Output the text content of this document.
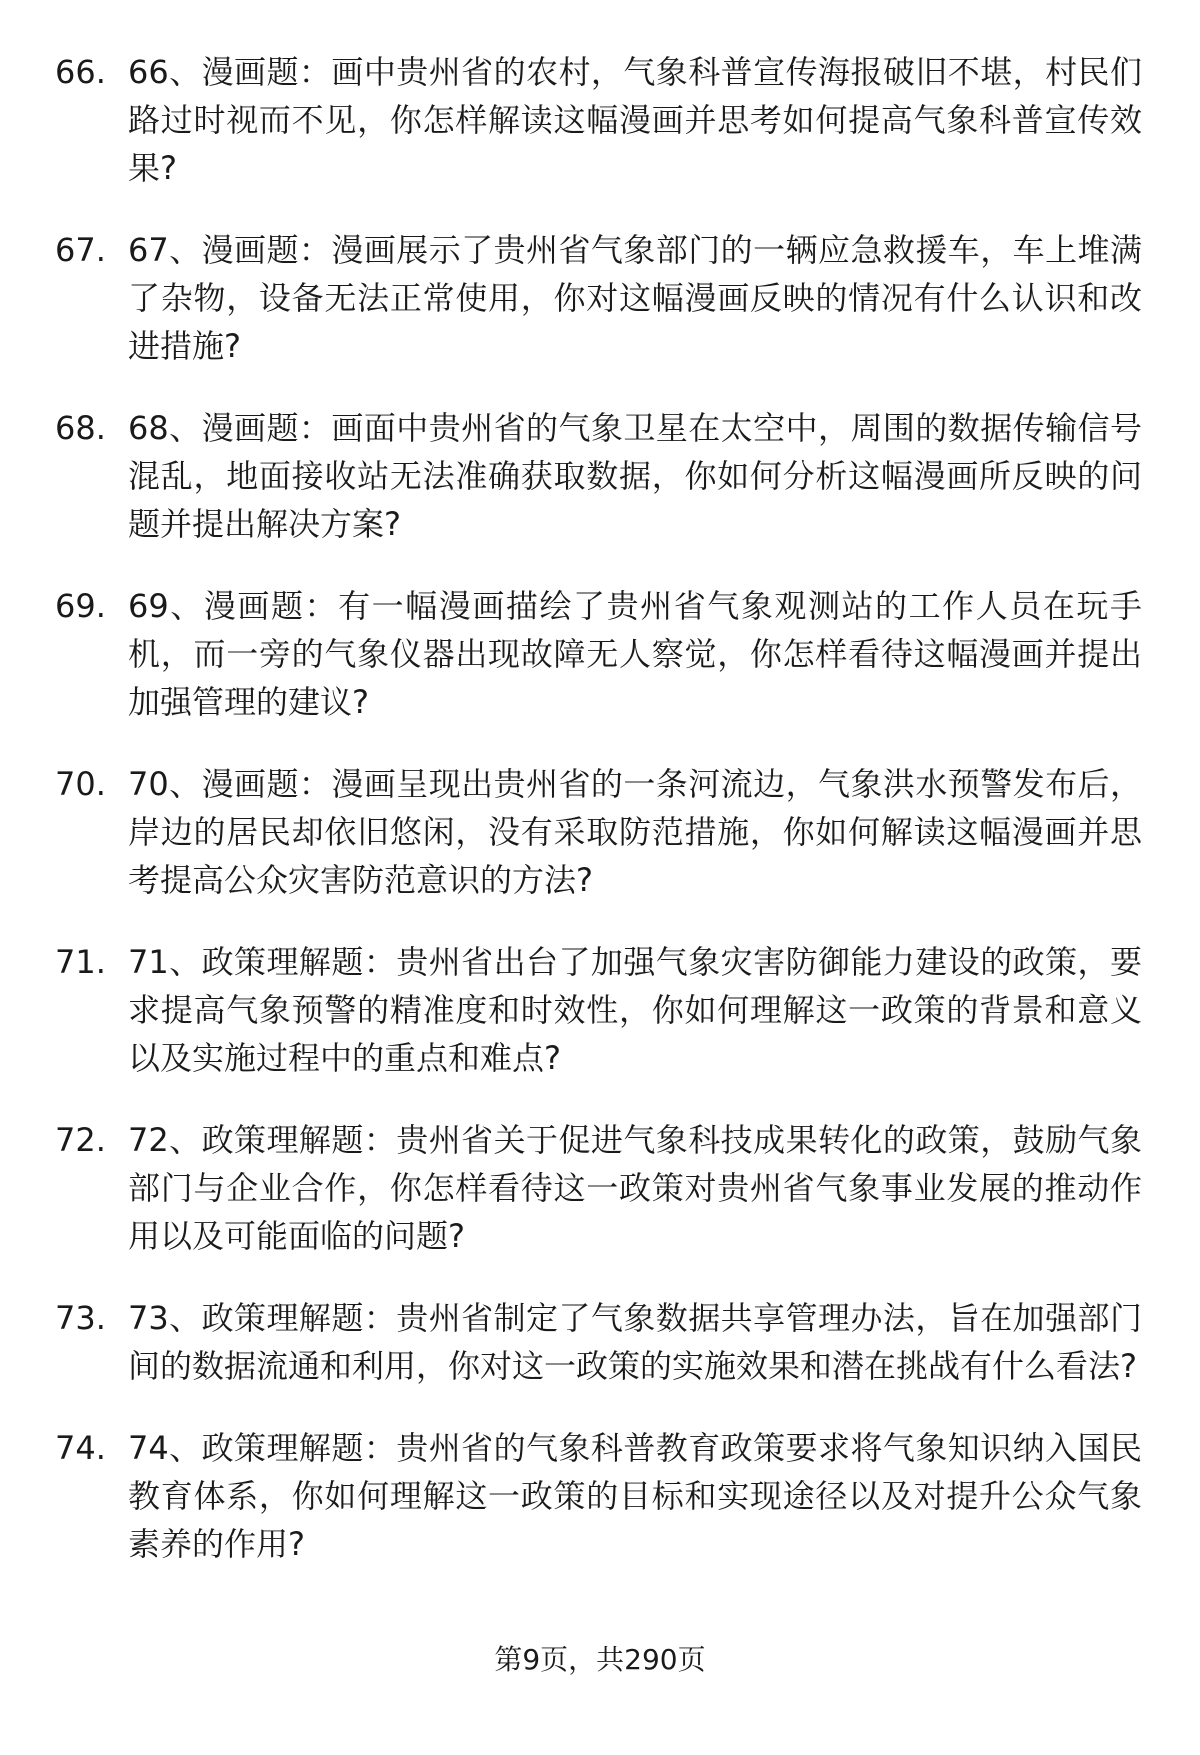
66. 66、漫画题：画中贵州省的农村，气象科普宣传海报破旧不堪，村民们路过时视而不见，你怎样解读这幅漫画并思考如何提高气象科普宣传效果?
67. 67、漫画题：漫画展示了贵州省气象部门的一辆应急救援车，车上堆满了杂物，设备无法正常使用，你对这幅漫画反映的情况有什么认识和改进措施?
68. 68、漫画题：画面中贵州省的气象卫星在太空中，周围的数据传输信号混乱，地面接收站无法准确获取数据，你如何分析这幅漫画所反映的问题并提出解决方案?
69. 69、漫画题：有一幅漫画描绘了贵州省气象观测站的工作人员在玩手机，而一旁的气象仪器出现故障无人察觉，你怎样看待这幅漫画并提出加强管理的建议?
70. 70、漫画题：漫画呈现出贵州省的一条河流边，气象洪水预警发布后，岸边的居民却依旧悠闲，没有采取防范措施，你如何解读这幅漫画并思考提高公众灾害防范意识的方法?
71. 71、政策理解题：贵州省出台了加强气象灾害防御能力建设的政策，要求提高气象预警的精准度和时效性，你如何理解这一政策的背景和意义以及实施过程中的重点和难点?
72. 72、政策理解题：贵州省关于促进气象科技成果转化的政策，鼓励气象部门与企业合作，你怎样看待这一政策对贵州省气象事业发展的推动作用以及可能面临的问题?
73. 73、政策理解题：贵州省制定了气象数据共享管理办法，旨在加强部门间的数据流通和利用，你对这一政策的实施效果和潜在挑战有什么看法?
74. 74、政策理解题：贵州省的气象科普教育政策要求将气象知识纳入国民教育体系，你如何理解这一政策的目标和实现途径以及对提升公众气象素养的作用?
第9页，共290页
